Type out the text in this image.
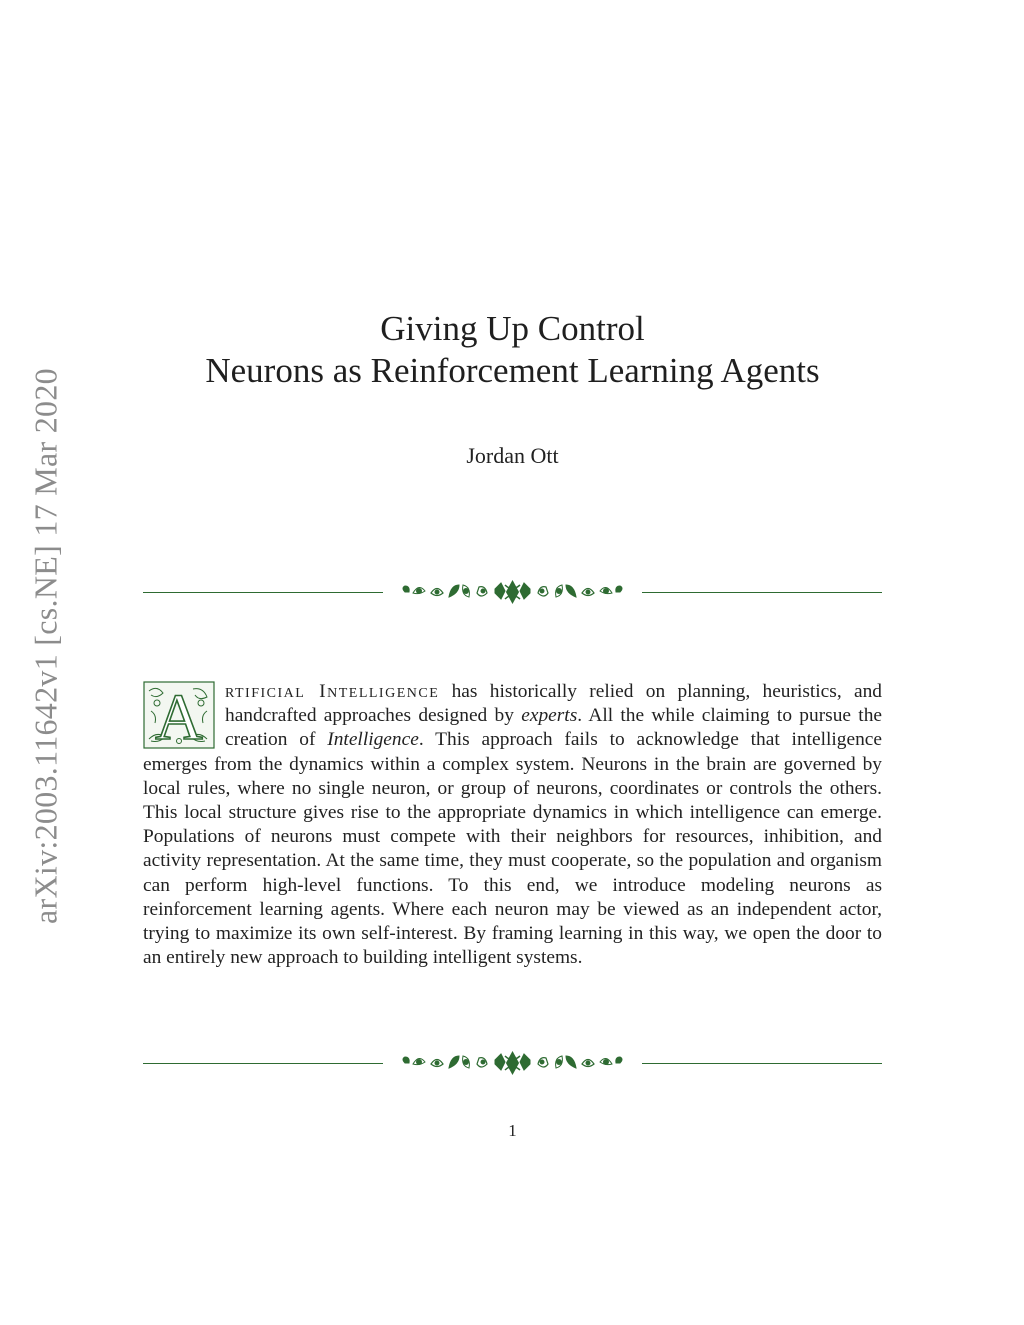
arXiv:2003.11642v1 [cs.NE] 17 Mar 2020
Giving Up Control
Neurons as Reinforcement Learning Agents
Jordan Ott
A rtificial Intelligence has historically relied on planning, heuristics, and handcrafted approaches designed by experts. All the while claiming to pursue the creation of Intelligence. This approach fails to acknowledge that intelligence emerges from the dynamics within a complex system. Neurons in the brain are governed by local rules, where no single neuron, or group of neurons, coordinates or controls the others. This local structure gives rise to the appropriate dynamics in which intelligence can emerge. Populations of neurons must compete with their neighbors for resources, inhibition, and activity representation. At the same time, they must cooperate, so the population and organism can perform high-level functions. To this end, we introduce modeling neurons as reinforcement learning agents. Where each neuron may be viewed as an independent actor, trying to maximize its own self-interest. By framing learning in this way, we open the door to an entirely new approach to building intelligent systems.
1
